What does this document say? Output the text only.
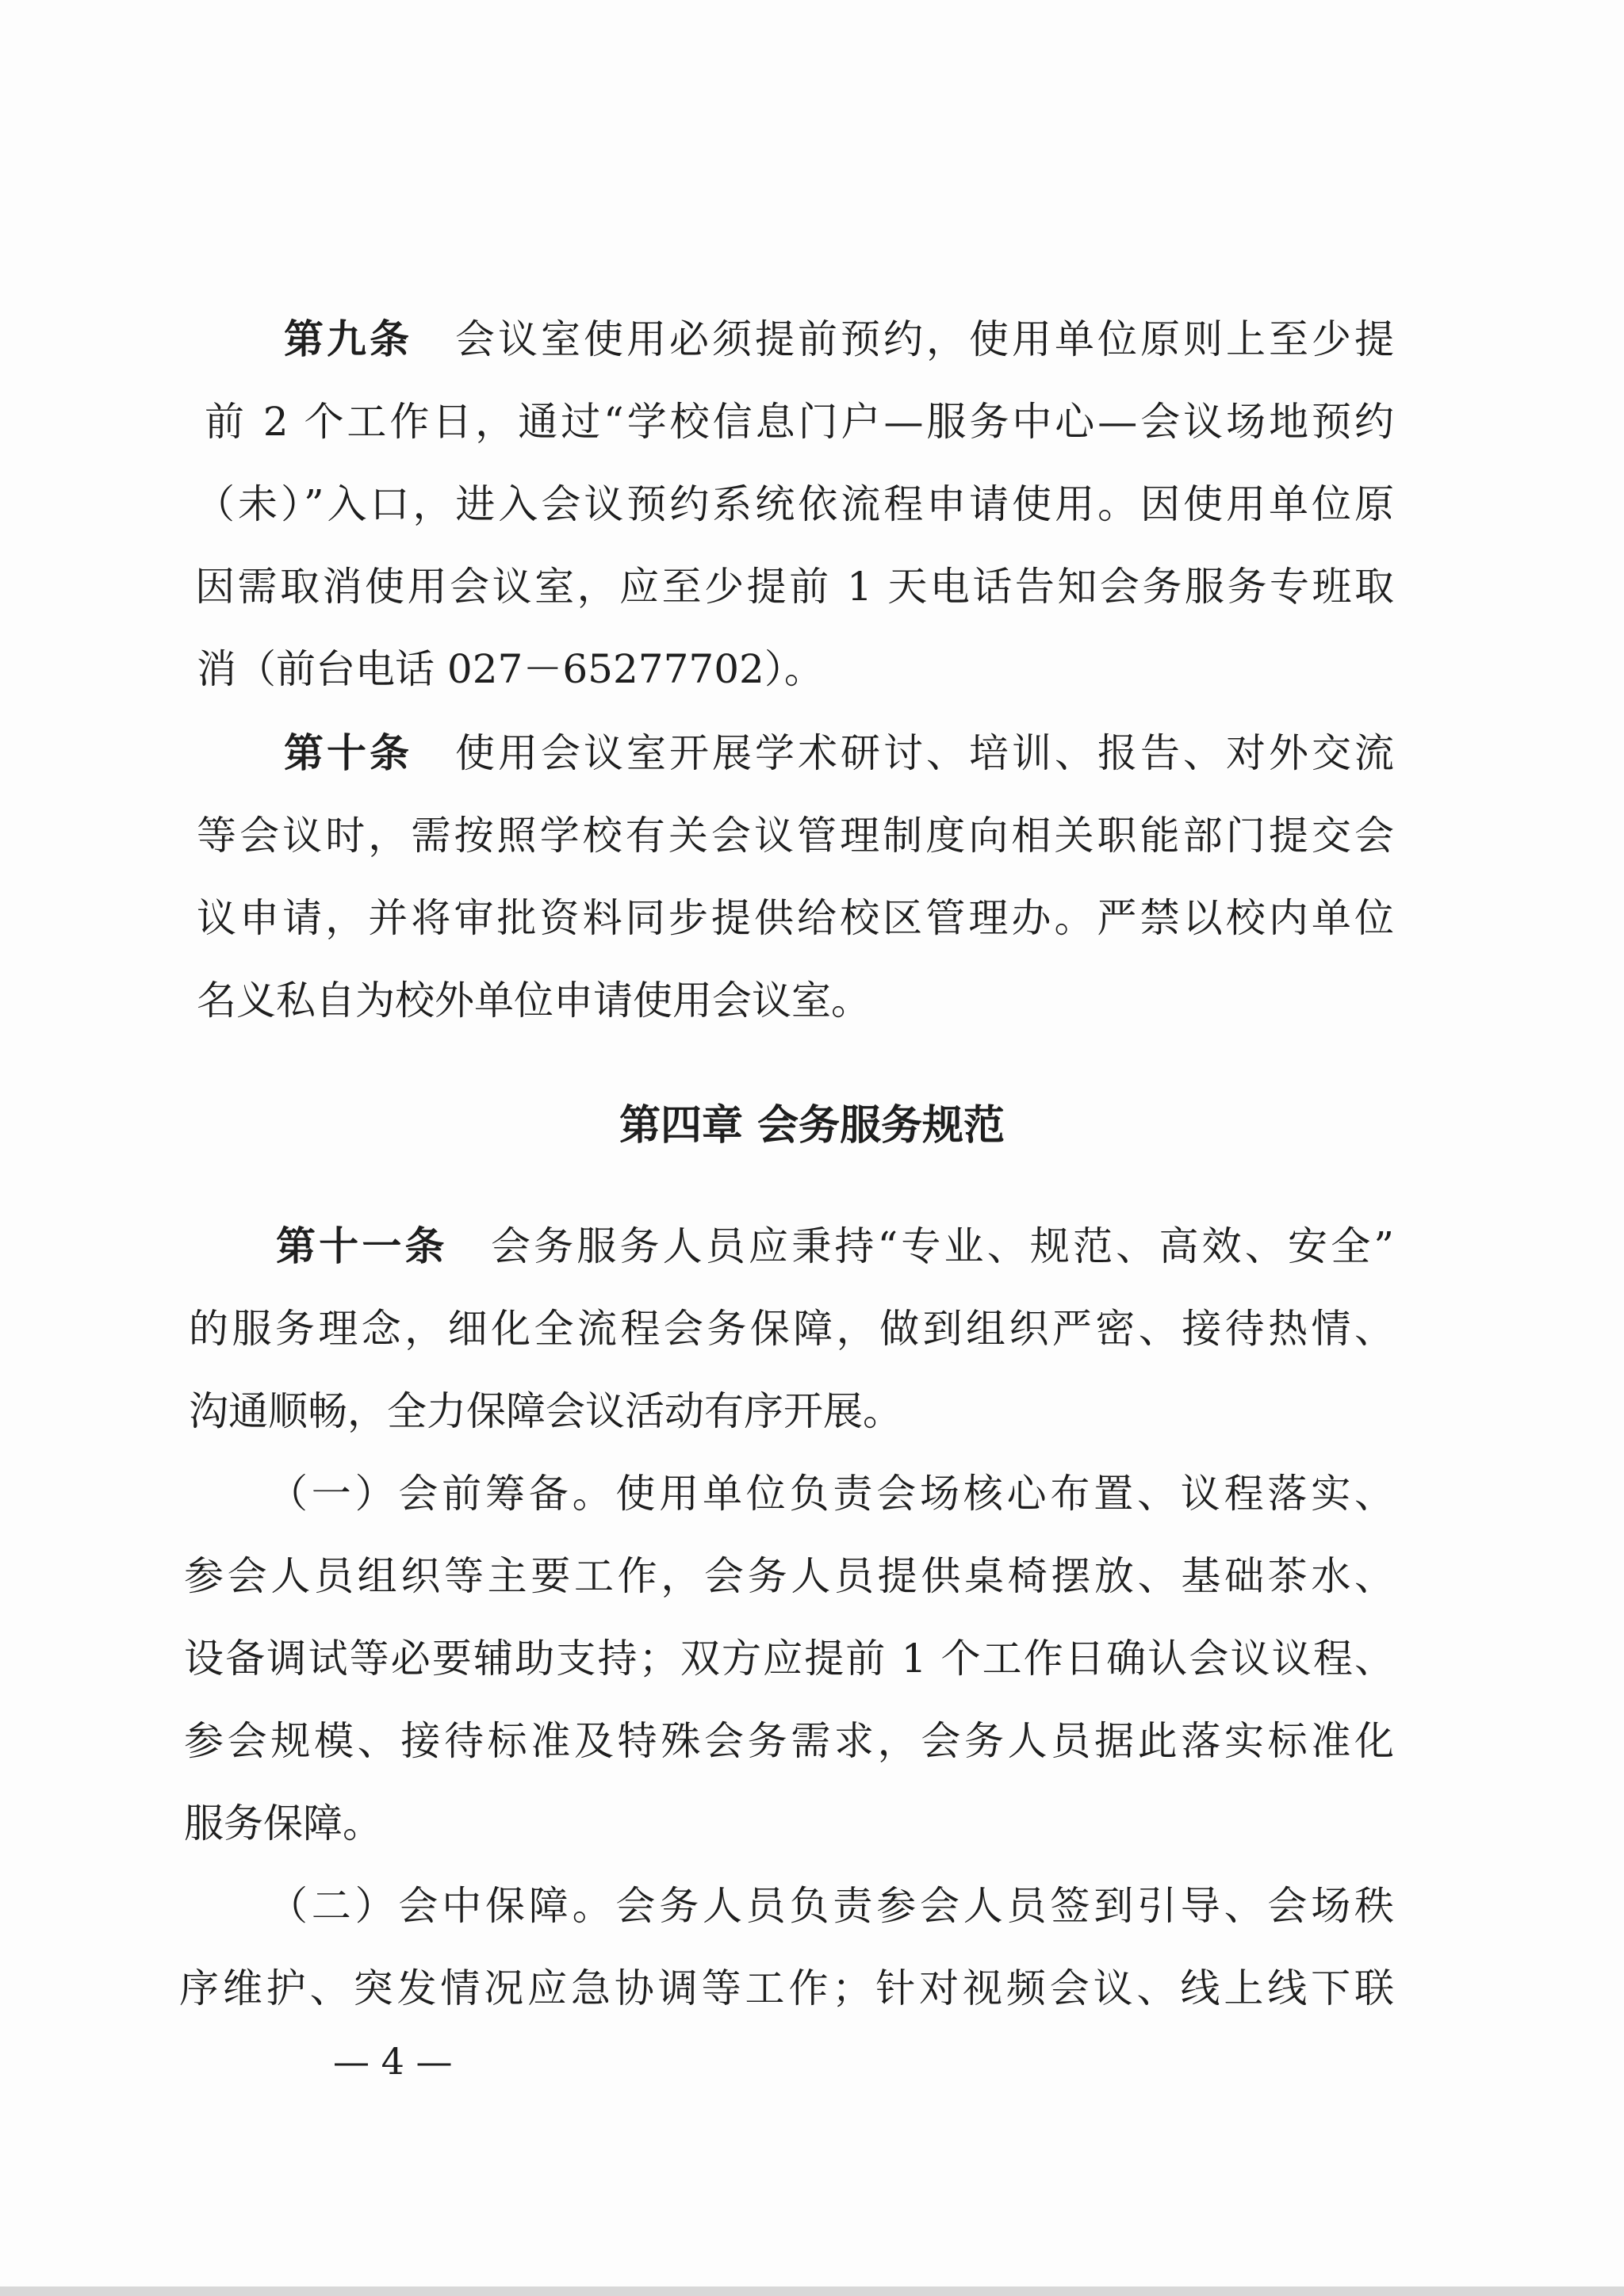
第九条 会议室使用必须提前预约，使用单位原则上至少提
前 2 个工作日，通过“学校信息门户—服务中心—会议场地预约
（未）”入口，进入会议预约系统依流程申请使用。因使用单位原
因需取消使用会议室，应至少提前 1 天电话告知会务服务专班取
消（前台电话 027－65277702）。
第十条 使用会议室开展学术研讨、培训、报告、对外交流
等会议时，需按照学校有关会议管理制度向相关职能部门提交会
议申请，并将审批资料同步提供给校区管理办。严禁以校内单位
名义私自为校外单位申请使用会议室。
第四章 会务服务规范
第十一条 会务服务人员应秉持“专业、规范、高效、安全”
的服务理念，细化全流程会务保障，做到组织严密、接待热情、
沟通顺畅，全力保障会议活动有序开展。
（一）会前筹备。使用单位负责会场核心布置、议程落实、
参会人员组织等主要工作，会务人员提供桌椅摆放、基础茶水、
设备调试等必要辅助支持；双方应提前 1 个工作日确认会议议程、
参会规模、接待标准及特殊会务需求，会务人员据此落实标准化
服务保障。
（二）会中保障。会务人员负责参会人员签到引导、会场秩
序维护、突发情况应急协调等工作；针对视频会议、线上线下联
— 4 —
